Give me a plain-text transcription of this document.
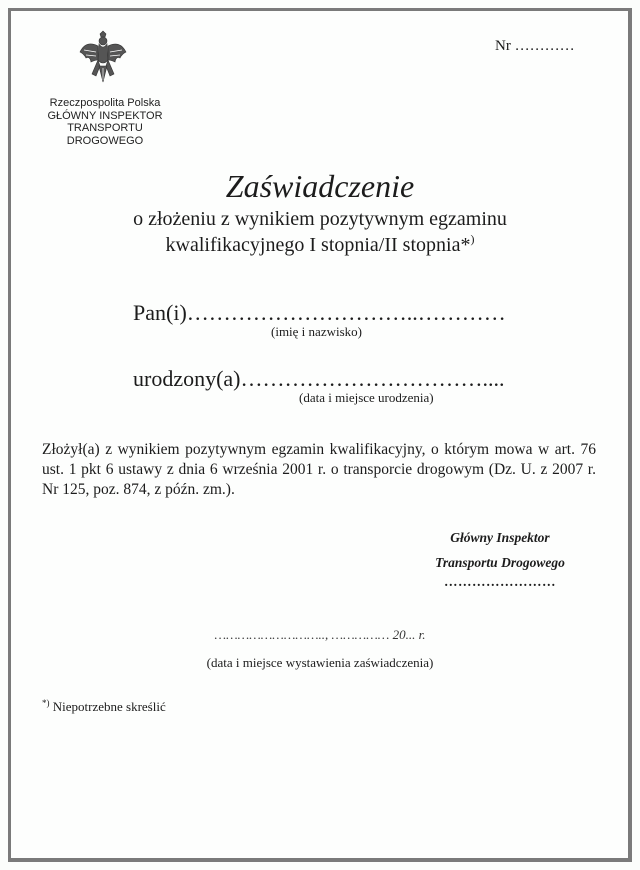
Rzeczpospolita Polska
GŁÓWNY INSPEKTOR
TRANSPORTU DROGOWEGO
Nr …………
Zaświadczenie
o złożeniu z wynikiem pozytywnym egzaminu
kwalifikacyjnego I stopnia/II stopnia*)
Pan(i)…………………………..…………
(imię i nazwisko)
urodzony(a)……………………………....
(data i miejsce urodzenia)
Złożył(a) z wynikiem pozytywnym egzamin kwalifikacyjny, o którym mowa w art. 76 ust. 1 pkt 6 ustawy z dnia 6 września 2001 r. o transporcie drogowym (Dz. U. z 2007 r. Nr 125, poz. 874, z późn. zm.).
Główny Inspektor
Transportu Drogowego
……………………
……………………….., …………… 20... r.
(data i miejsce wystawienia zaświadczenia)
*) Niepotrzebne skreślić
